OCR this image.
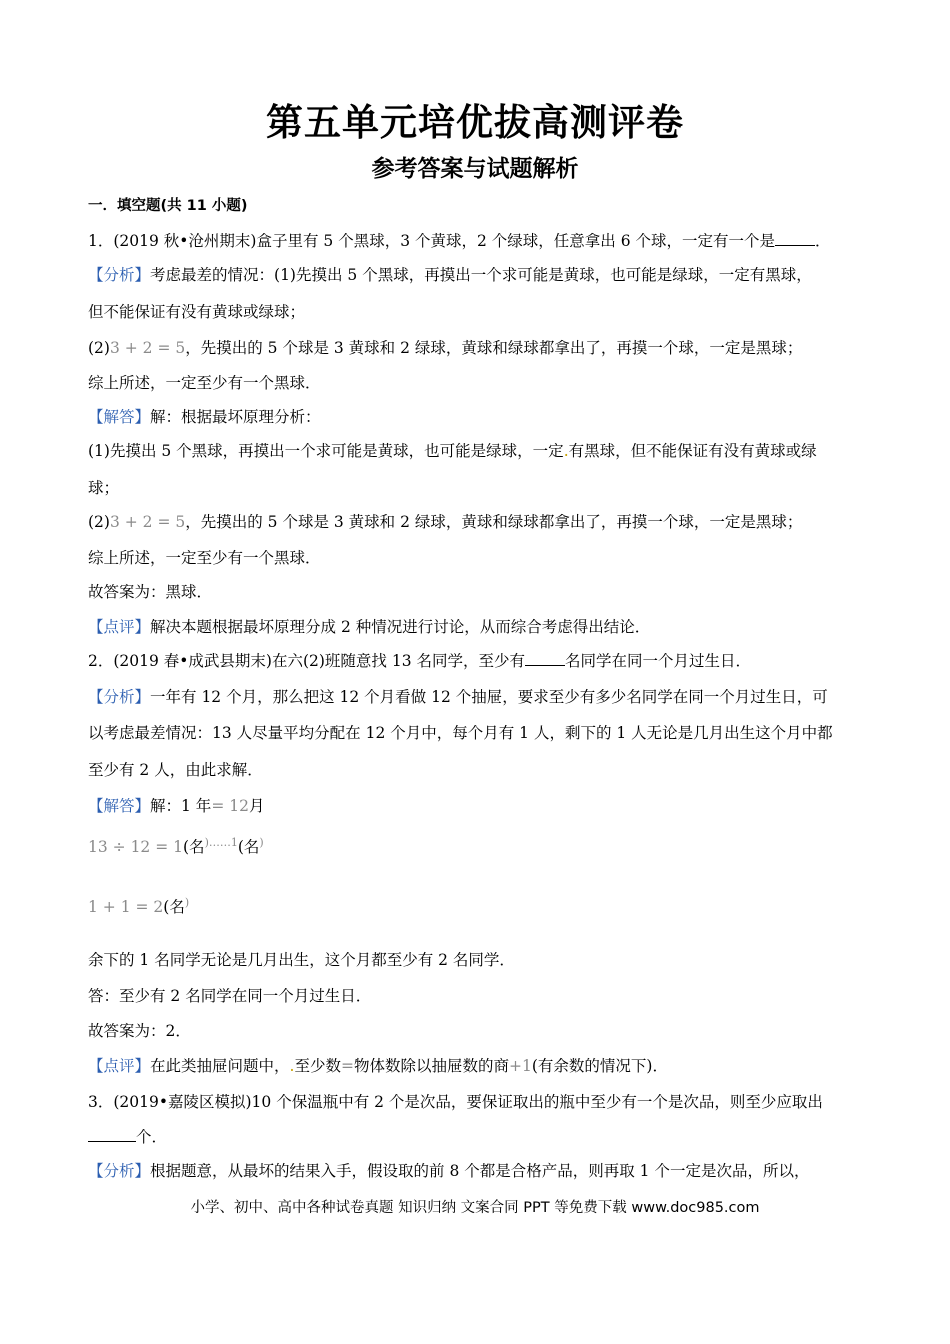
第五单元培优拔高测评卷
参考答案与试题解析
一．填空题(共 11 小题)
1．(2019 秋•沧州期末)盒子里有 5 个黑球，3 个黄球，2 个绿球，任意拿出 6 个球，一定有一个是	．
【分析】考虑最差的情况：(1)先摸出 5 个黑球，再摸出一个求可能是黄球，也可能是绿球，一定有黑球，
但不能保证有没有黄球或绿球；
(2)3 + 2 = 5，先摸出的 5 个球是 3 黄球和 2 绿球，黄球和绿球都拿出了，再摸一个球，一定是黑球；
综上所述，一定至少有一个黑球．
【解答】解：根据最坏原理分析：
(1)先摸出 5 个黑球，再摸出一个求可能是黄球，也可能是绿球，一定.有黑球，但不能保证有没有黄球或绿
球；
(2)3 + 2 = 5，先摸出的 5 个球是 3 黄球和 2 绿球，黄球和绿球都拿出了，再摸一个球，一定是黑球；
综上所述，一定至少有一个黑球．
故答案为：黑球．
【点评】解决本题根据最坏原理分成 2 种情况进行讨论，从而综合考虑得出结论．
2．(2019 春•成武县期末)在六(2)班随意找 13 名同学，至少有	名同学在同一个月过生日．
【分析】一年有 12 个月，那么把这 12 个月看做 12 个抽屉，要求至少有多少名同学在同一个月过生日，可
以考虑最差情况：13 人尽量平均分配在 12 个月中，每个月有 1 人，剩下的 1 人无论是几月出生这个月中都
至少有 2 人，由此求解．
【解答】解：1 年= 12月
13 ÷ 12 = 1(名$^{)\dots\dots 1}$(名)
1 + 1 = 2(名)
余下的 1 名同学无论是几月出生，这个月都至少有 2 名同学．
答：至少有 2 名同学在同一个月过生日．
故答案为：2．
【点评】在此类抽屉问题中，.至少数=物体数除以抽屉数的商+1(有余数的情况下)．
3．(2019•嘉陵区模拟)10 个保温瓶中有 2 个是次品，要保证取出的瓶中至少有一个是次品，则至少应取出
个．
【分析】根据题意，从最坏的结果入手，假设取的前 8 个都是合格产品，则再取 1 个一定是次品，所以，
小学、初中、高中各种试卷真题 知识归纳 文案合同 PPT 等免费下载 www.doc985.com
